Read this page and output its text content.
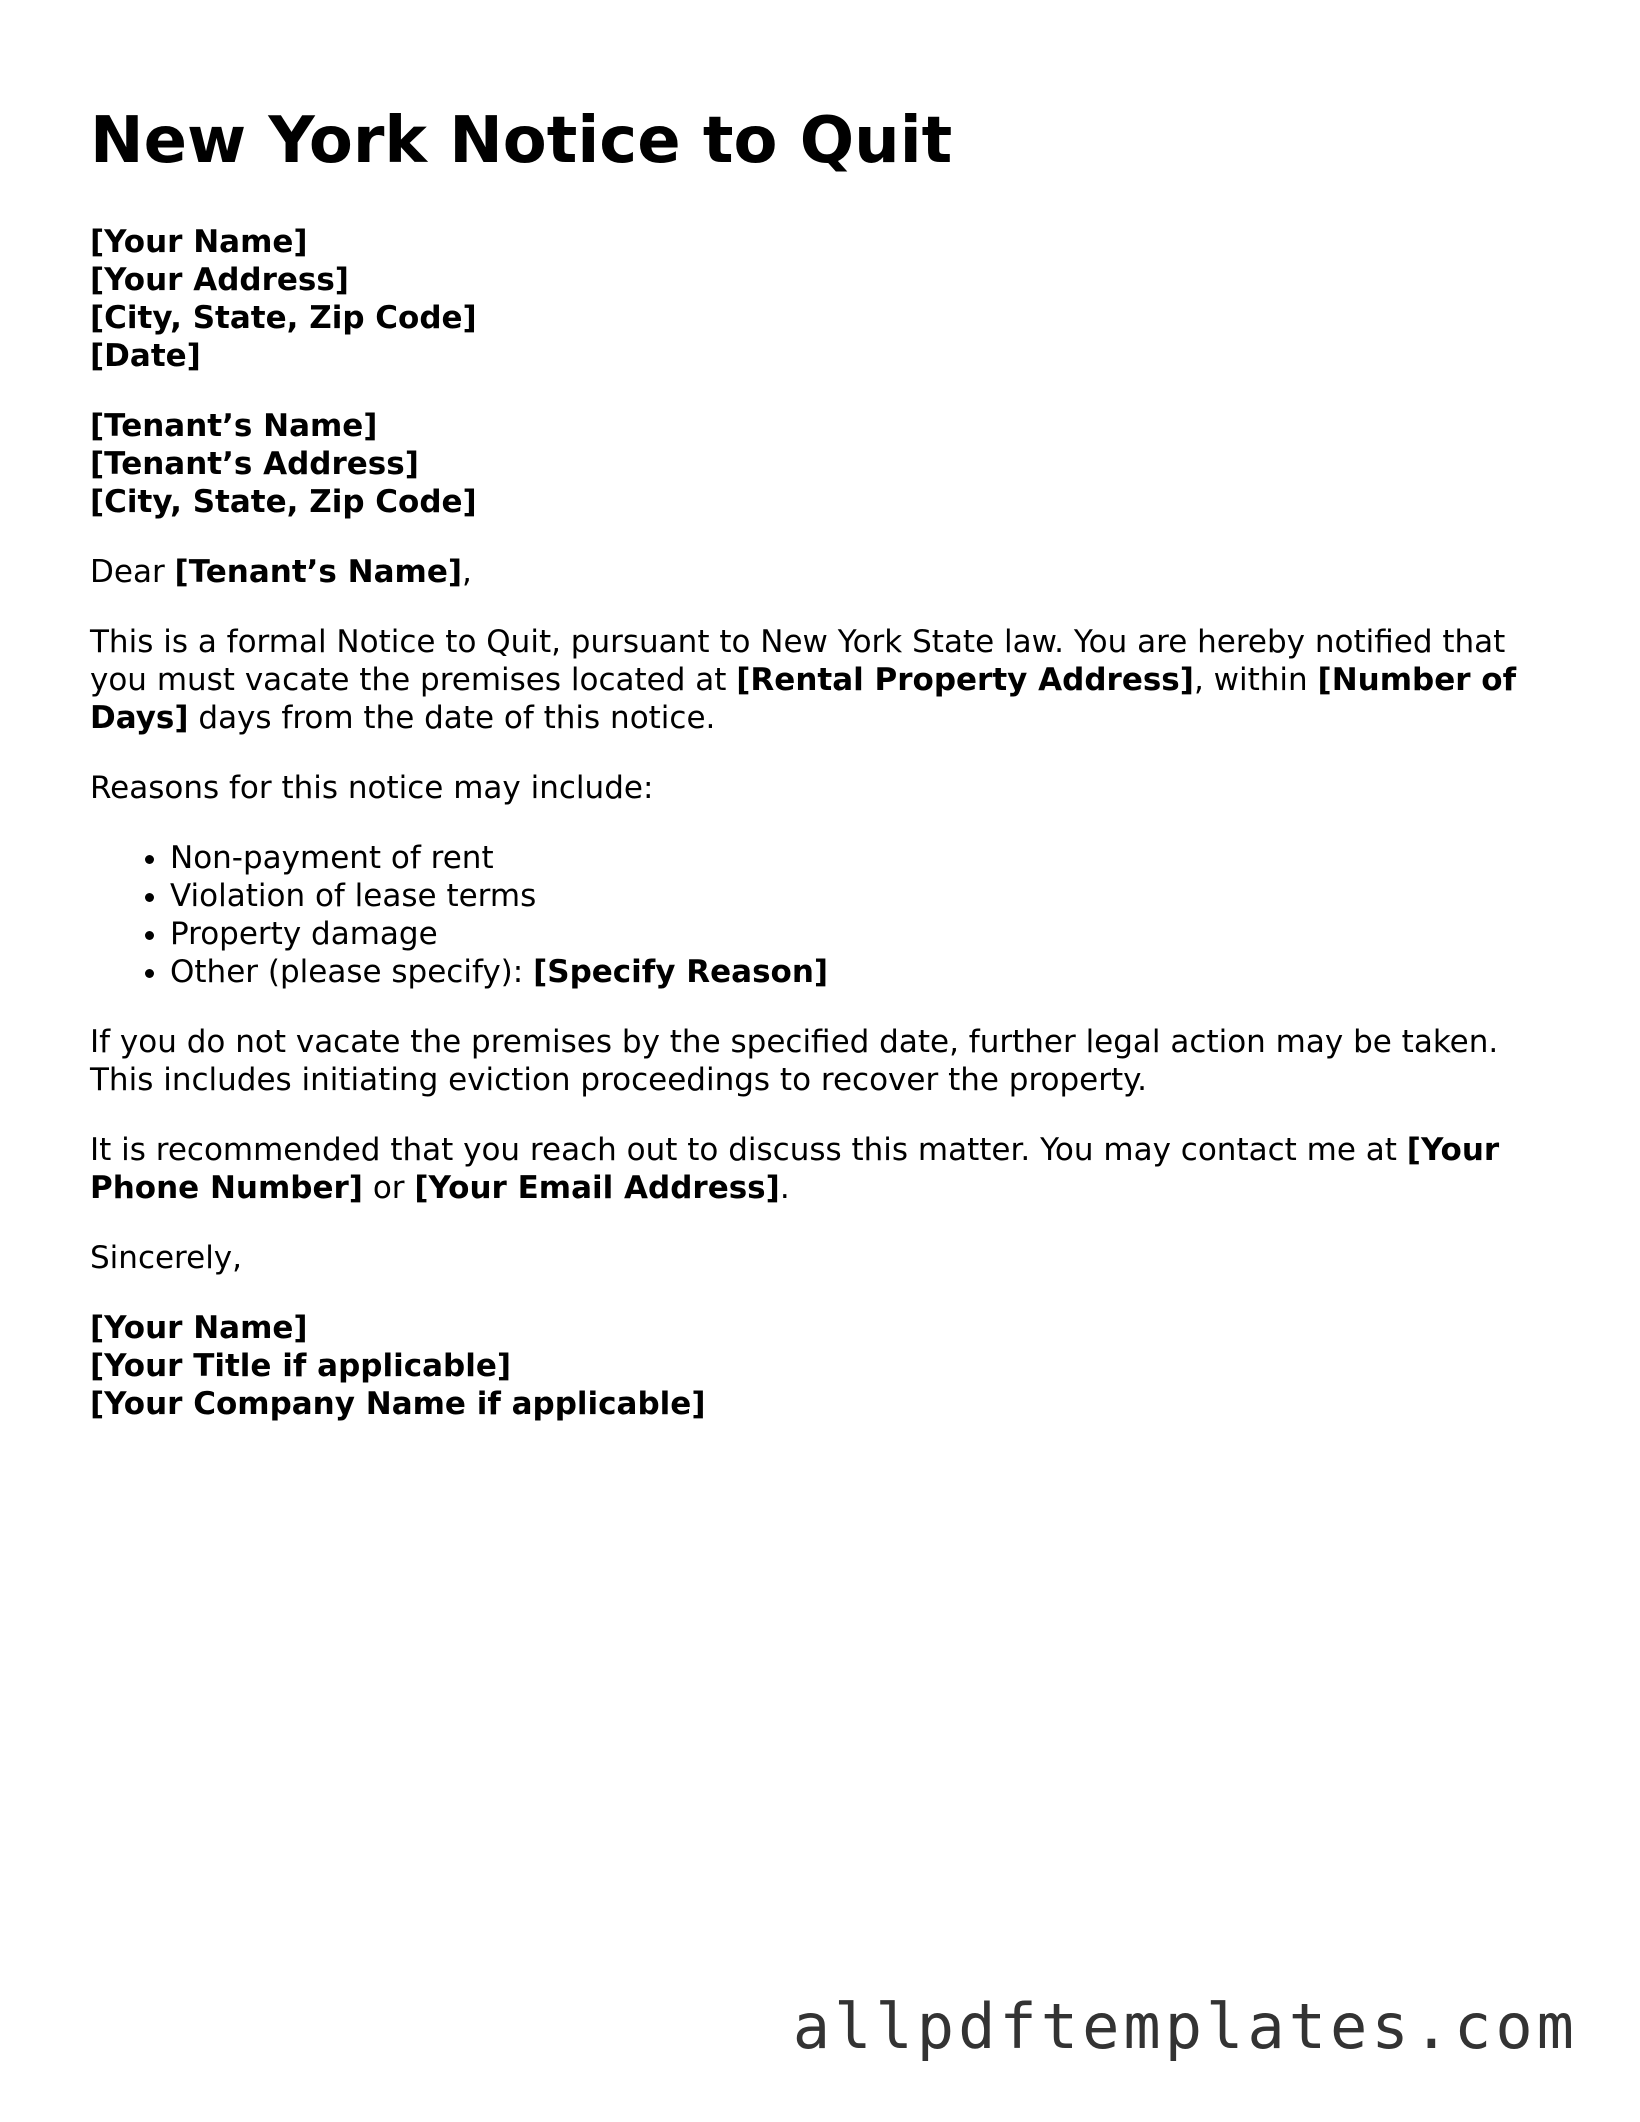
New York Notice to Quit
[Your Name]
[Your Address]
[City, State, Zip Code]
[Date]
[Tenant’s Name]
[Tenant’s Address]
[City, State, Zip Code]

Dear [Tenant’s Name],

This is a formal Notice to Quit, pursuant to New York State law. You are hereby notified that you must vacate the premises located at [Rental Property Address], within [Number of Days] days from the date of this notice.

Reasons for this notice may include:

• Non-payment of rent
• Violation of lease terms
• Property damage
• Other (please specify): [Specify Reason]

If you do not vacate the premises by the specified date, further legal action may be taken. This includes initiating eviction proceedings to recover the property.

It is recommended that you reach out to discuss this matter. You may contact me at [Your Phone Number] or [Your Email Address].

Sincerely,

[Your Name]
[Your Title if applicable]
[Your Company Name if applicable]
allpdftemplates.com
